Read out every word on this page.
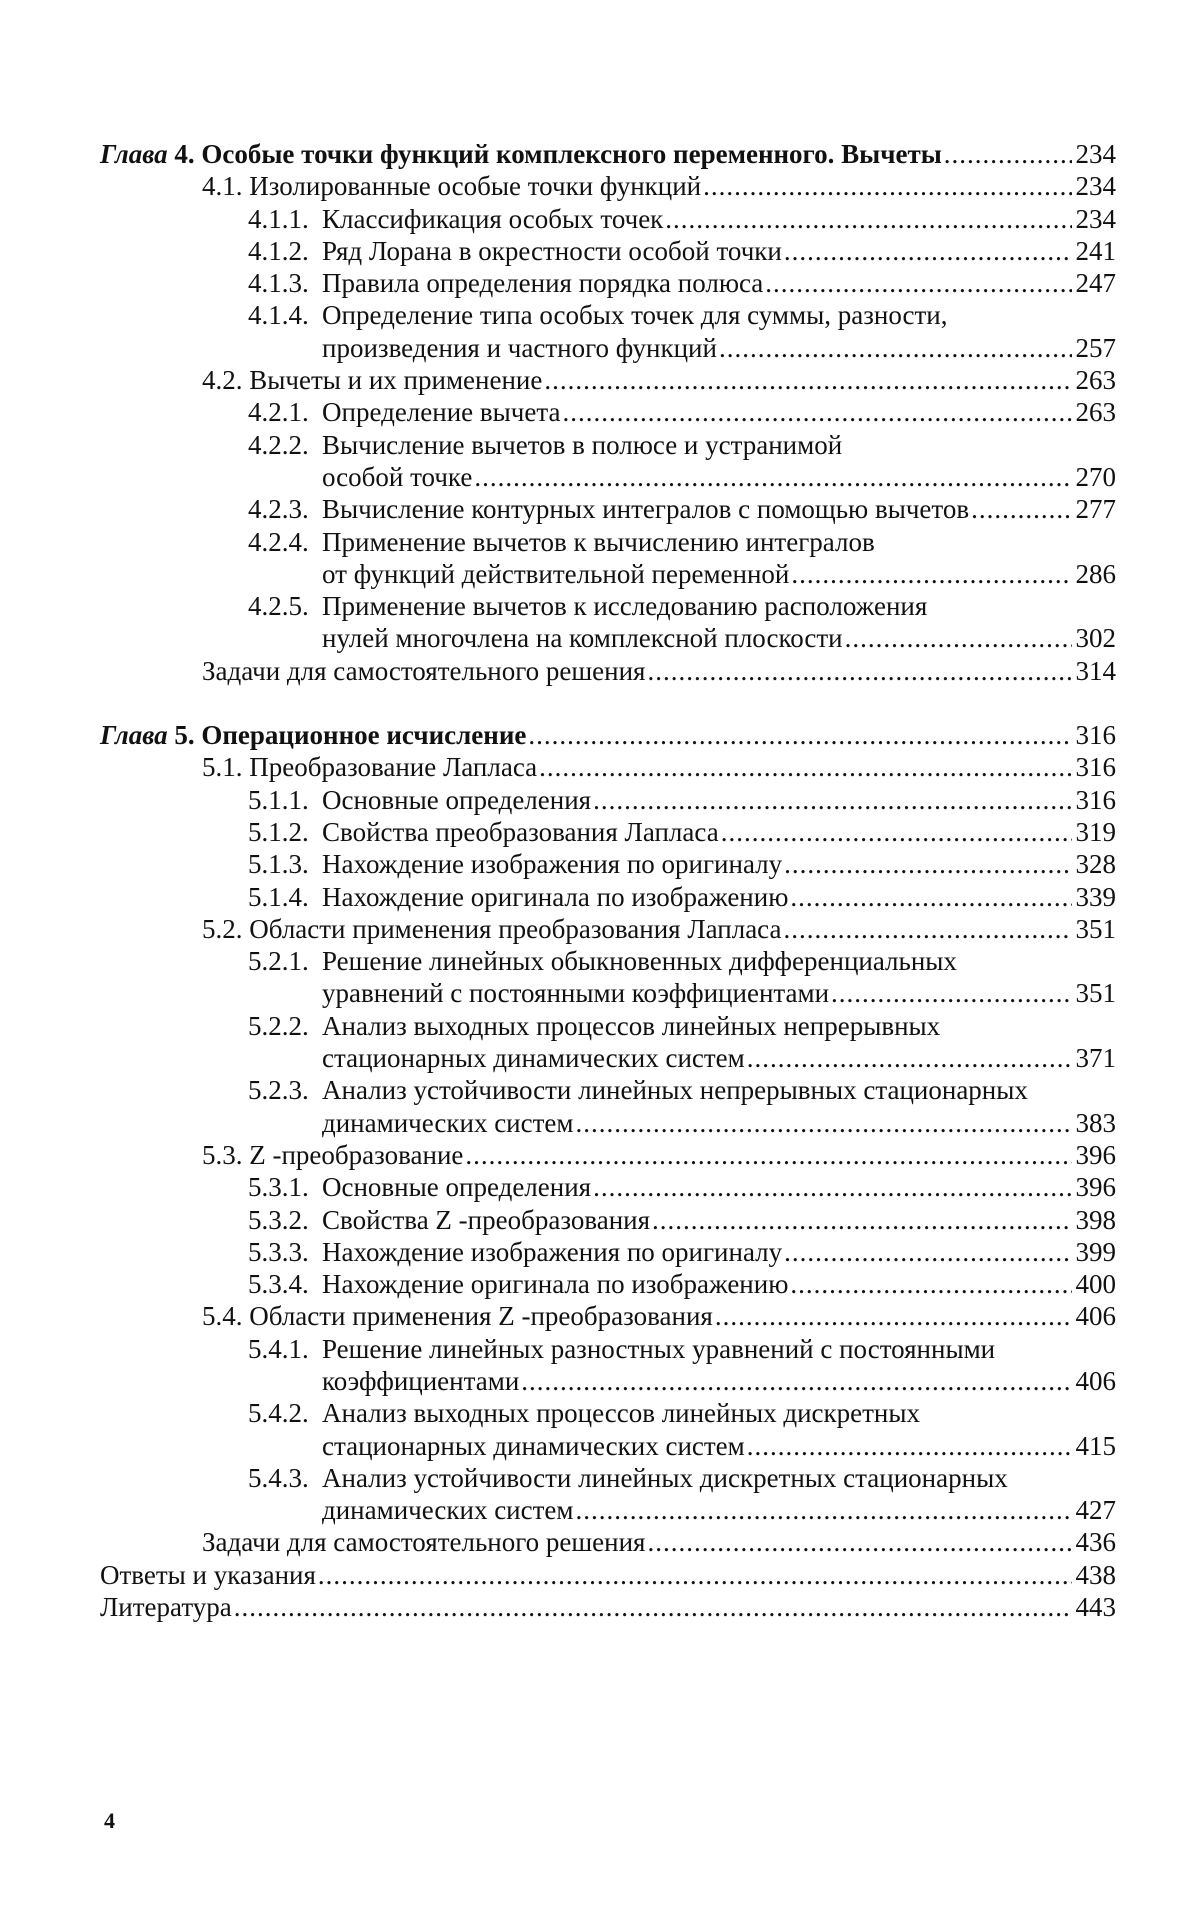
Глава 4. Особые точки функций комплексного переменного. Вычеты .....	234
4.1. Изолированные особые точки функций .....	234
4.1.1. Классификация особых точек .....	234
4.1.2. Ряд Лорана в окрестности особой точки .....	241
4.1.3. Правила определения порядка полюса .....	247
4.1.4. Определение типа особых точек для суммы, разности,
произведения и частного функций .....	257
4.2. Вычеты и их применение .....	263
4.2.1. Определение вычета .....	263
4.2.2. Вычисление вычетов в полюсе и устранимой
особой точке .....	270
4.2.3. Вычисление контурных интегралов с помощью вычетов .....	277
4.2.4. Применение вычетов к вычислению интегралов
от функций действительной переменной .....	286
4.2.5. Применение вычетов к исследованию расположения
нулей многочлена на комплексной плоскости .....	302
Задачи для самостоятельного решения .....	314
Глава 5. Операционное исчисление .....	316
5.1. Преобразование Лапласа .....	316
5.1.1. Основные определения .....	316
5.1.2. Свойства преобразования Лапласа .....	319
5.1.3. Нахождение изображения по оригиналу .....	328
5.1.4. Нахождение оригинала по изображению .....	339
5.2. Области применения преобразования Лапласа .....	351
5.2.1. Решение линейных обыкновенных дифференциальных
уравнений с постоянными коэффициентами .....	351
5.2.2. Анализ выходных процессов линейных непрерывных
стационарных динамических систем .....	371
5.2.3. Анализ устойчивости линейных непрерывных стационарных
динамических систем .....	383
5.3. Z -преобразование .....	396
5.3.1. Основные определения .....	396
5.3.2. Свойства Z -преобразования .....	398
5.3.3. Нахождение изображения по оригиналу .....	399
5.3.4. Нахождение оригинала по изображению .....	400
5.4. Области применения Z -преобразования .....	406
5.4.1. Решение линейных разностных уравнений с постоянными
коэффициентами .....	406
5.4.2. Анализ выходных процессов линейных дискретных
стационарных динамических систем .....	415
5.4.3. Анализ устойчивости линейных дискретных стационарных
динамических систем .....	427
Задачи для самостоятельного решения .....	436
Ответы и указания .....	438
Литература .....	443
4
